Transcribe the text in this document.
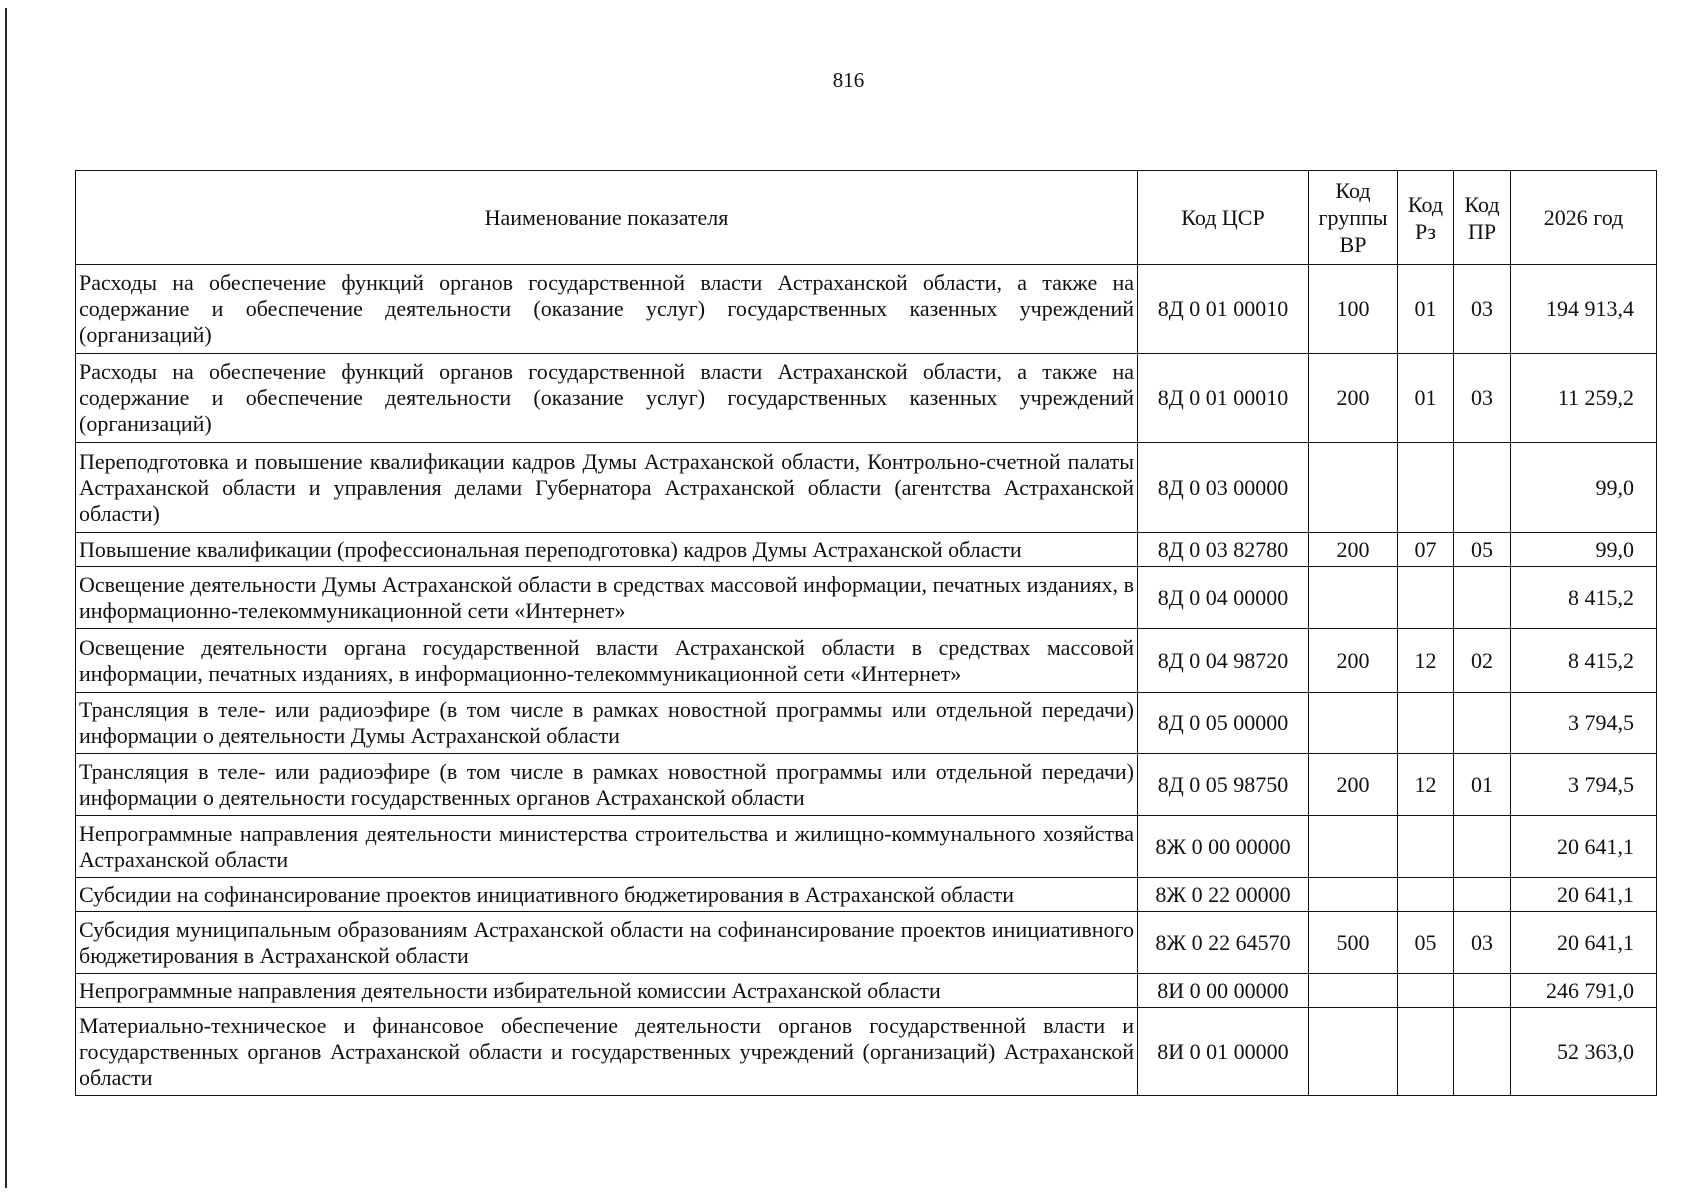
816
Наименование показателя	Код ЦСР	Код группы ВР	Код Рз	Код ПР	2026 год
Расходы на обеспечение функций органов государственной власти Астраханской области, а также на содержание и обеспечение деятельности (оказание услуг) государственных казенных учреждений (организаций)	8Д 0 01 00010	100	01	03	194 913,4
Расходы на обеспечение функций органов государственной власти Астраханской области, а также на содержание и обеспечение деятельности (оказание услуг) государственных казенных учреждений (организаций)	8Д 0 01 00010	200	01	03	11 259,2
Переподготовка и повышение квалификации кадров Думы Астраханской области, Контрольно-счетной палаты Астраханской области и управления делами Губернатора Астраханской области (агентства Астраханской области)	8Д 0 03 00000				99,0
Повышение квалификации (профессиональная переподготовка) кадров Думы Астраханской области	8Д 0 03 82780	200	07	05	99,0
Освещение деятельности Думы Астраханской области в средствах массовой информации, печатных изданиях, в информационно-телекоммуникационной сети «Интернет»	8Д 0 04 00000				8 415,2
Освещение деятельности органа государственной власти Астраханской области в средствах массовой информации, печатных изданиях, в информационно-телекоммуникационной сети «Интернет»	8Д 0 04 98720	200	12	02	8 415,2
Трансляция в теле- или радиоэфире (в том числе в рамках новостной программы или отдельной передачи) информации о деятельности Думы Астраханской области	8Д 0 05 00000				3 794,5
Трансляция в теле- или радиоэфире (в том числе в рамках новостной программы или отдельной передачи) информации о деятельности государственных органов Астраханской области	8Д 0 05 98750	200	12	01	3 794,5
Непрограммные направления деятельности министерства строительства и жилищно-коммунального хозяйства Астраханской области	8Ж 0 00 00000				20 641,1
Субсидии на софинансирование проектов инициативного бюджетирования в Астраханской области	8Ж 0 22 00000				20 641,1
Субсидия муниципальным образованиям Астраханской области на софинансирование проектов инициативного бюджетирования в Астраханской области	8Ж 0 22 64570	500	05	03	20 641,1
Непрограммные направления деятельности избирательной комиссии Астраханской области	8И 0 00 00000				246 791,0
Материально-техническое и финансовое обеспечение деятельности органов государственной власти и государственных органов Астраханской области и государственных учреждений (организаций) Астраханской области	8И 0 01 00000				52 363,0
